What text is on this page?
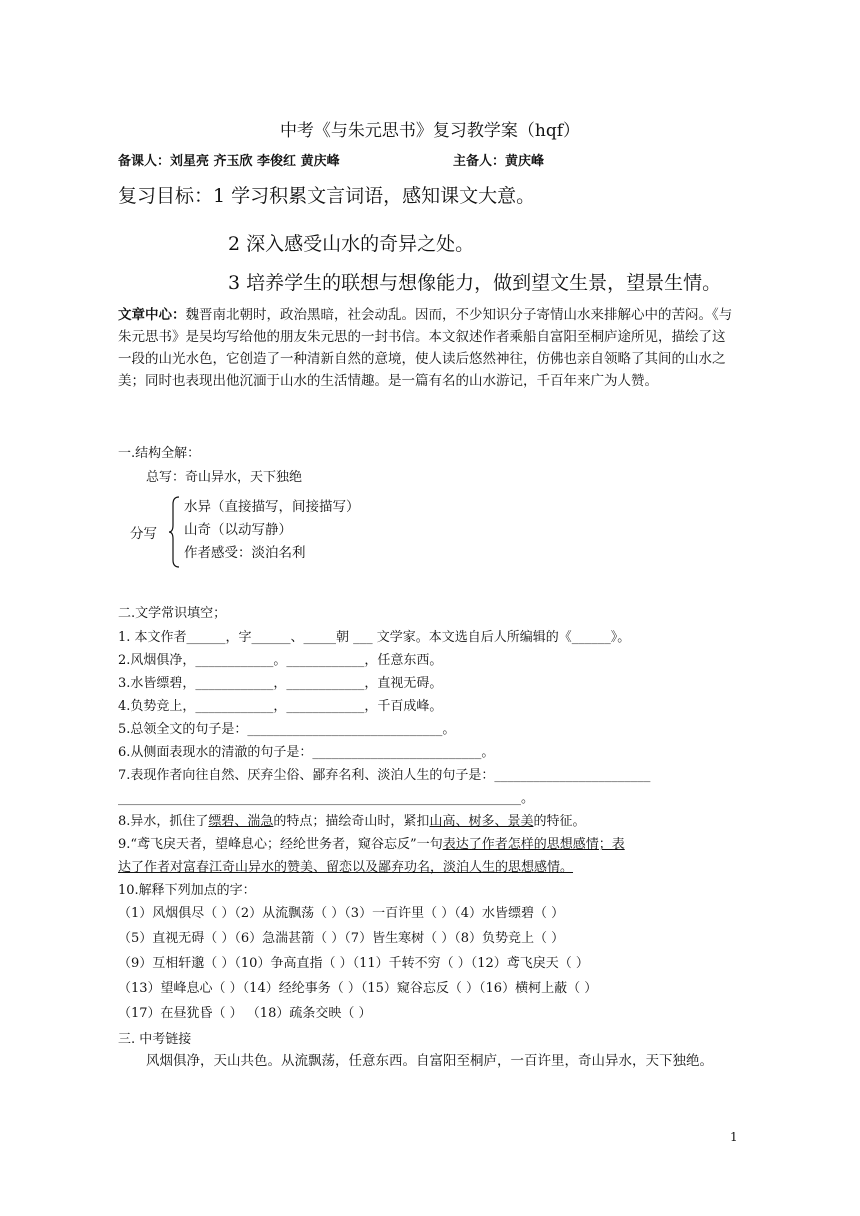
中考《与朱元思书》复习教学案（hqf）
备课人：刘星亮 齐玉欣 李俊红 黄庆峰	主备人：黄庆峰
复习目标：1 学习积累文言词语，感知课文大意。
2 深入感受山水的奇异之处。
3 培养学生的联想与想像能力，做到望文生景，望景生情。
文章中心：魏晋南北朝时，政治黑暗，社会动乱。因而，不少知识分子寄情山水来排解心中的苦闷。《与朱元思书》是吴均写给他的朋友朱元思的一封书信。本文叙述作者乘船自富阳至桐庐途所见，描绘了这一段的山光水色，它创造了一种清新自然的意境，使人读后悠然神往，仿佛也亲自领略了其间的山水之美；同时也表现出他沉湎于山水的生活情趣。是一篇有名的山水游记，千百年来广为人赞。
一.结构全解：
总写：奇山异水，天下独绝
分写
水异（直接描写，间接描写）
山奇（以动写静）
作者感受：淡泊名利
二.文学常识填空；
1. 本文作者______，字______、_____朝 ___ 文学家。本文选自后人所编辑的《______》。
2.风烟俱净，____________。____________，任意东西。
3.水皆缥碧，____________，____________，直视无碍。
4.负势竞上，____________，____________，千百成峰。
5.总领全文的句子是：______________________________。
6.从侧面表现水的清澈的句子是：__________________________。
7.表现作者向往自然、厌弃尘俗、鄙弃名利、淡泊人生的句子是：________________________
______________________________________________________________。
8.异水，抓住了缥碧、湍急的特点；描绘奇山时，紧扣山高、树多、景美的特征。
9.“鸢飞戾天者，望峰息心；经纶世务者，窥谷忘反”一句表达了作者怎样的思想感情；表
达了作者对富春江奇山异水的赞美、留恋以及鄙弃功名，淡泊人生的思想感情。
10.解释下列加点的字：
（1）风烟俱尽（ ）（2）从流飘荡（ ）（3）一百许里（ ）（4）水皆缥碧（ ）
（5）直视无碍（ ）（6）急湍甚箭（ ）（7）皆生寒树（ ）（8）负势竞上（ ）
（9）互相轩邈（ ）（10）争高直指（ ）（11）千转不穷（ ）（12）鸢飞戾天（ ）
（13）望峰息心（ ）（14）经纶事务（ ）（15）窥谷忘反（ ）（16）横柯上蔽（ ）
（17）在昼犹昏（ ） （18）疏条交映（ ）
三. 中考链接
风烟俱净，天山共色。从流飘荡，任意东西。自富阳至桐庐，一百许里，奇山异水，天下独绝。
1
